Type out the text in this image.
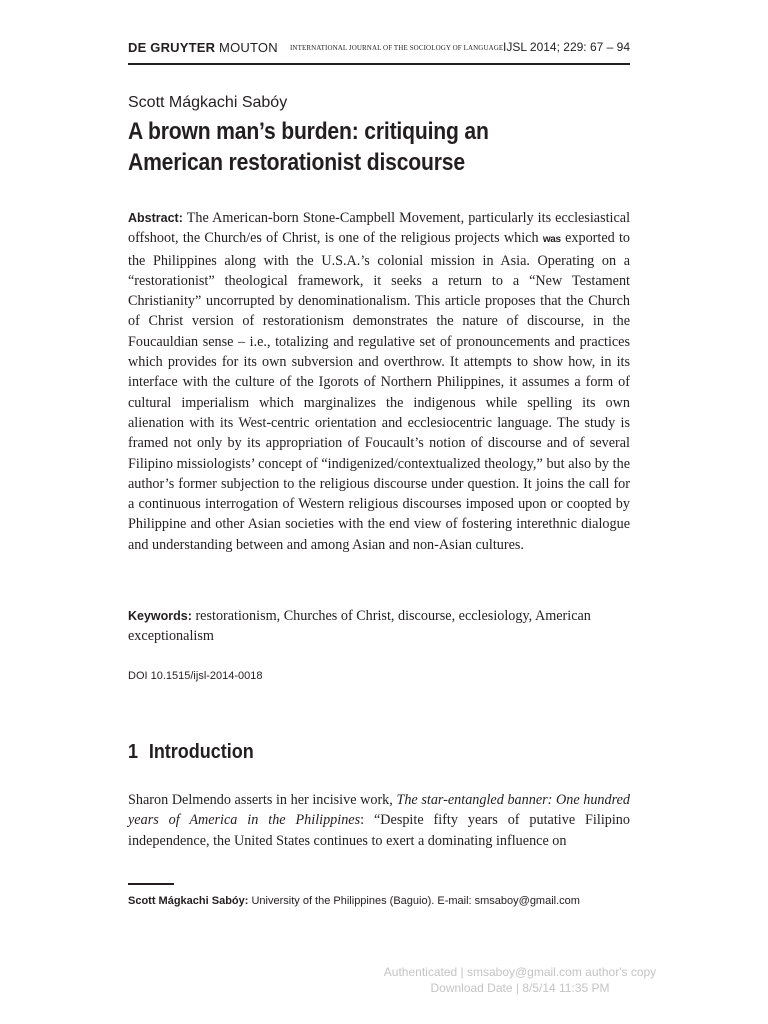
DE GRUYTER MOUTON INTERNATIONAL JOURNAL OF THE SOCIOLOGY OF LANGUAGE IJSL 2014; 229: 67 – 94
Scott Mágkachi Sabóy
A brown man’s burden: critiquing an
American restorationist discourse

Abstract: The American-born Stone-Campbell Movement, particularly its ecclesiastical offshoot, the Church/es of Christ, is one of the religious projects which was exported to the Philippines along with the U.S.A.’s colonial mission in Asia. Operating on a “restorationist” theological framework, it seeks a return to a “New Testament Christianity” uncorrupted by denominationalism. This article proposes that the Church of Christ version of restorationism demonstrates the nature of discourse, in the Foucauldian sense – i.e., totalizing and regulative set of pronouncements and practices which provides for its own subversion and overthrow. It attempts to show how, in its interface with the culture of the Igorots of Northern Philippines, it assumes a form of cultural imperialism which marginalizes the indigenous while spelling its own alienation with its West-centric orientation and ecclesiocentric language. The study is framed not only by its appropriation of Foucault’s notion of discourse and of several Filipino missiologists’ concept of “indigenized/contextualized theology,” but also by the author’s former subjection to the religious discourse under question. It joins the call for a continuous interrogation of Western religious discourses imposed upon or coopted by Philippine and other Asian societies with the end view of fostering interethnic dialogue and understanding between and among Asian and non-Asian cultures.

Keywords: restorationism, Churches of Christ, discourse, ecclesiology, American exceptionalism

DOI 10.1515/ijsl-2014-0018
1 Introduction

Sharon Delmendo asserts in her incisive work, The star-entangled banner: One hundred years of America in the Philippines: “Despite fifty years of putative Filipino independence, the United States continues to exert a dominating influence on

Scott Mágkachi Sabóy: University of the Philippines (Baguio). E-mail: smsaboy@gmail.com
Authenticated | smsaboy@gmail.com author's copy
Download Date | 8/5/14 11:35 PM
